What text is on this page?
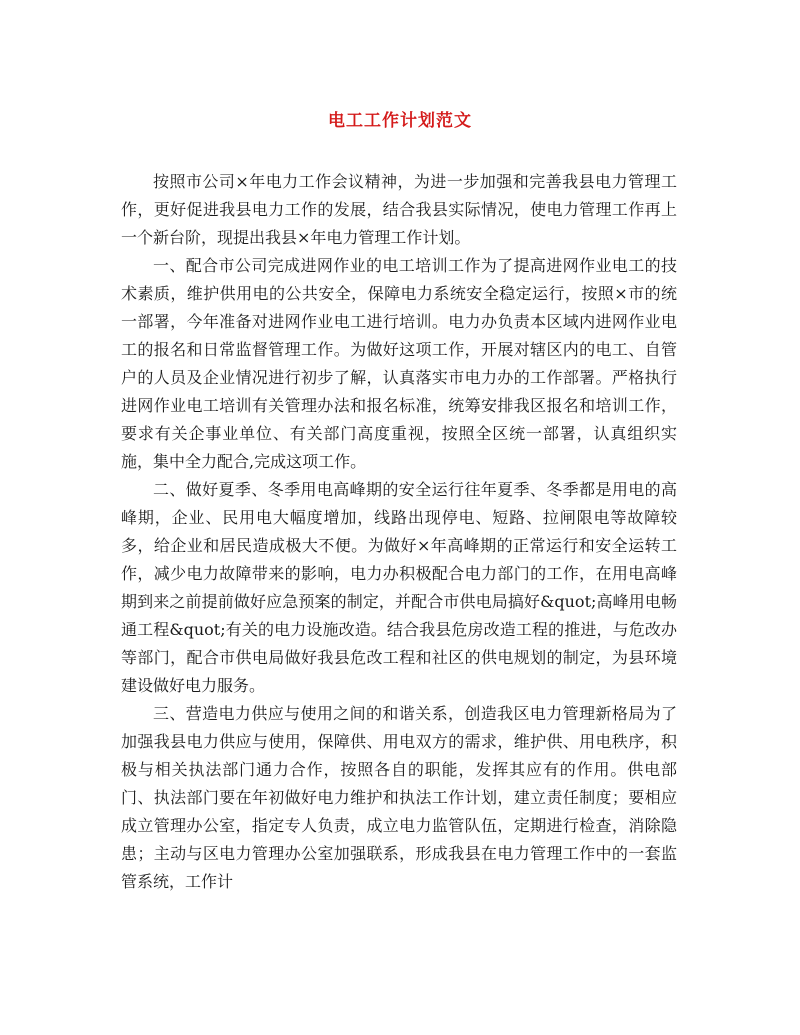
电工工作计划范文

按照市公司×年电力工作会议精神，为进一步加强和完善我县电力管理工作，更好促进我县电力工作的发展，结合我县实际情况，使电力管理工作再上一个新台阶，现提出我县×年电力管理工作计划。

一、配合市公司完成进网作业的电工培训工作为了提高进网作业电工的技术素质，维护供用电的公共安全，保障电力系统安全稳定运行，按照×市的统一部署，今年准备对进网作业电工进行培训。电力办负责本区域内进网作业电工的报名和日常监督管理工作。为做好这项工作，开展对辖区内的电工、自管户的人员及企业情况进行初步了解，认真落实市电力办的工作部署。严格执行进网作业电工培训有关管理办法和报名标准，统筹安排我区报名和培训工作，要求有关企事业单位、有关部门高度重视，按照全区统一部署，认真组织实施，集中全力配合,完成这项工作。

二、做好夏季、冬季用电高峰期的安全运行往年夏季、冬季都是用电的高峰期，企业、民用电大幅度增加，线路出现停电、短路、拉闸限电等故障较多，给企业和居民造成极大不便。为做好×年高峰期的正常运行和安全运转工作，减少电力故障带来的影响，电力办积极配合电力部门的工作，在用电高峰期到来之前提前做好应急预案的制定，并配合市供电局搞好&quot;高峰用电畅通工程&quot;有关的电力设施改造。结合我县危房改造工程的推进，与危改办等部门，配合市供电局做好我县危改工程和社区的供电规划的制定，为县环境建设做好电力服务。

三、营造电力供应与使用之间的和谐关系，创造我区电力管理新格局为了加强我县电力供应与使用，保障供、用电双方的需求，维护供、用电秩序，积极与相关执法部门通力合作，按照各自的职能，发挥其应有的作用。供电部门、执法部门要在年初做好电力维护和执法工作计划，建立责任制度；要相应成立管理办公室，指定专人负责，成立电力监管队伍，定期进行检查，消除隐患；主动与区电力管理办公室加强联系，形成我县在电力管理工作中的一套监管系统，工作计
